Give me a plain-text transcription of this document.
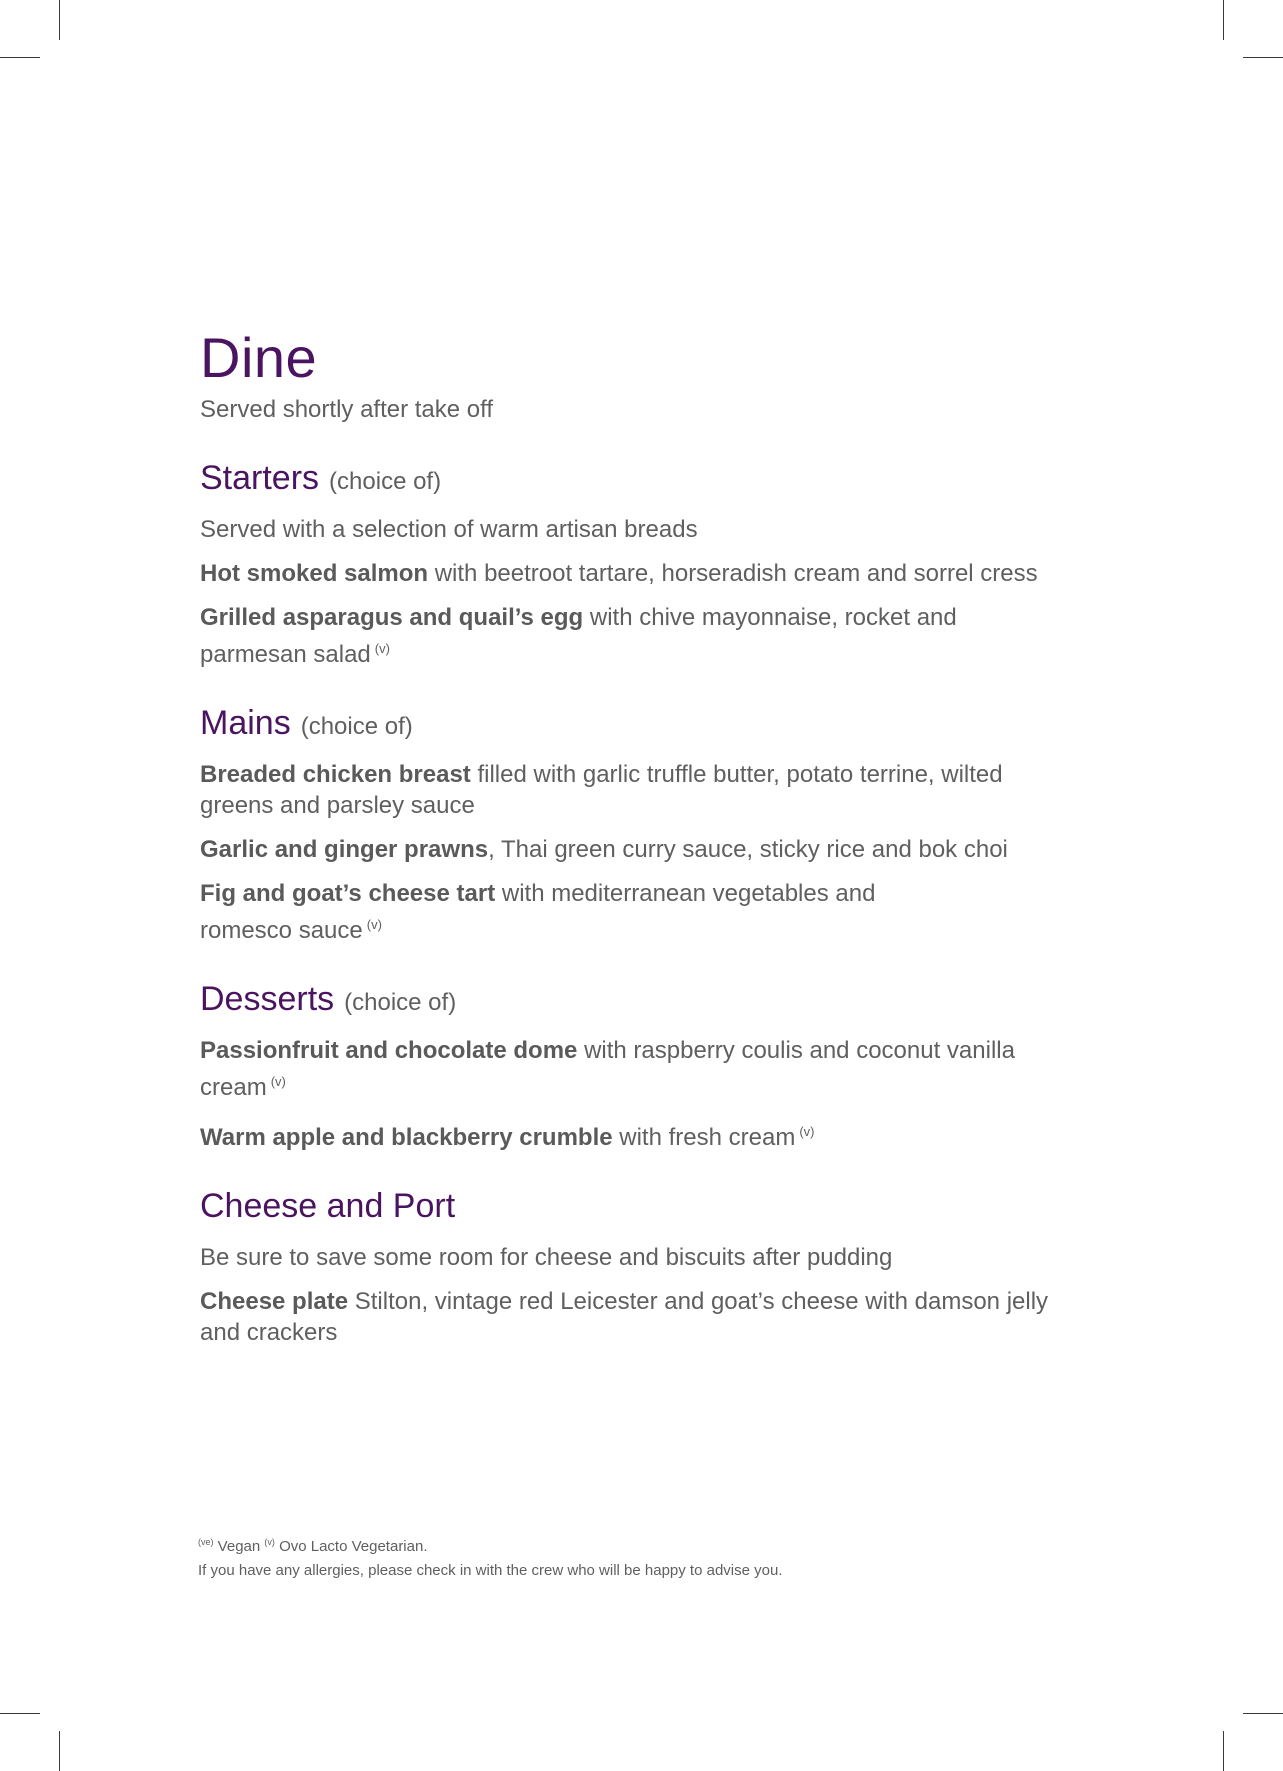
Dine

Served shortly after take off

Starters (choice of)

Served with a selection of warm artisan breads

Hot smoked salmon with beetroot tartare, horseradish cream and sorrel cress

Grilled asparagus and quail’s egg with chive mayonnaise, rocket and parmesan salad $^{(v)}$

Mains (choice of)

Breaded chicken breast filled with garlic truffle butter, potato terrine, wilted greens and parsley sauce

Garlic and ginger prawns, Thai green curry sauce, sticky rice and bok choi

Fig and goat’s cheese tart with mediterranean vegetables and romesco sauce $^{(v)}$

Desserts (choice of)

Passionfruit and chocolate dome with raspberry coulis and coconut vanilla cream $^{(v)}$

Warm apple and blackberry crumble with fresh cream $^{(v)}$

Cheese and Port

Be sure to save some room for cheese and biscuits after pudding

Cheese plate Stilton, vintage red Leicester and goat’s cheese with damson jelly and crackers

$^{(ve)}$ Vegan $^{(v)}$ Ovo Lacto Vegetarian.
If you have any allergies, please check in with the crew who will be happy to advise you.
